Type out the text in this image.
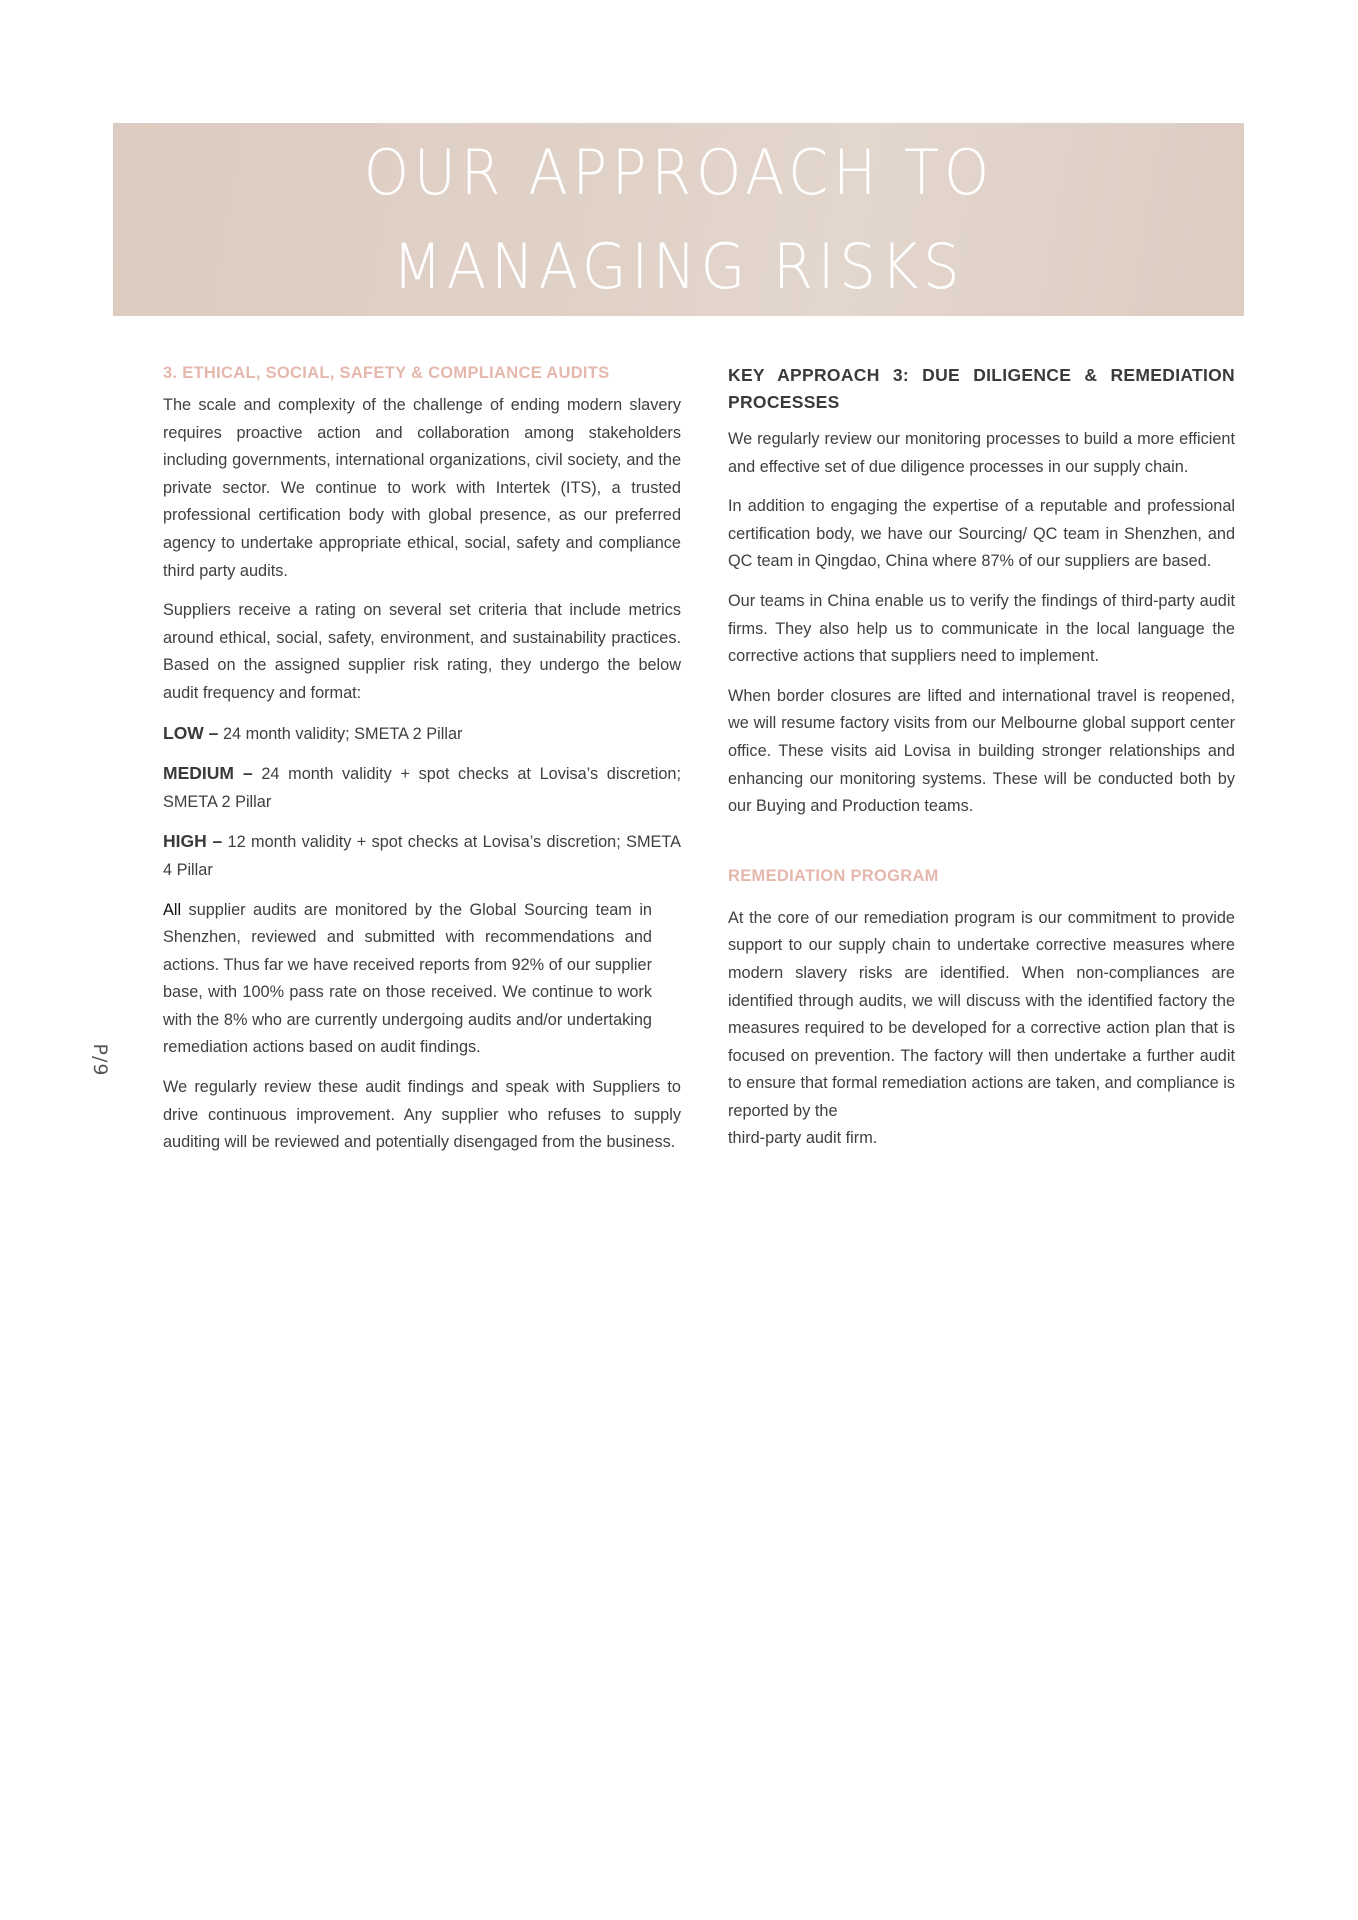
OUR APPROACH TO
MANAGING RISKS
P/9
3. ETHICAL, SOCIAL, SAFETY & COMPLIANCE AUDITS

The scale and complexity of the challenge of ending modern slavery requires proactive action and collaboration among stakeholders including governments, international organizations, civil society, and the private sector. We continue to work with Intertek (ITS), a trusted professional certification body with global presence, as our preferred agency to undertake appropriate ethical, social, safety and compliance third party audits.

Suppliers receive a rating on several set criteria that include metrics around ethical, social, safety, environment, and sustainability practices. Based on the assigned supplier risk rating, they undergo the below audit frequency and format:

LOW – 24 month validity; SMETA 2 Pillar

MEDIUM – 24 month validity + spot checks at Lovisa’s discretion; SMETA 2 Pillar

HIGH – 12 month validity + spot checks at Lovisa’s discretion; SMETA 4 Pillar

All supplier audits are monitored by the Global Sourcing team in Shenzhen, reviewed and submitted with recommendations and actions. Thus far we have received reports from 92% of our supplier base, with 100% pass rate on those received. We continue to work with the 8% who are currently undergoing audits and/or undertaking remediation actions based on audit findings.

We regularly review these audit findings and speak with Suppliers to drive continuous improvement. Any supplier who refuses to supply auditing will be reviewed and potentially disengaged from the business.

KEY APPROACH 3: DUE DILIGENCE & REMEDIATION PROCESSES

We regularly review our monitoring processes to build a more efficient and effective set of due diligence processes in our supply chain.

In addition to engaging the expertise of a reputable and professional certification body, we have our Sourcing/ QC team in Shenzhen, and QC team in Qingdao, China where 87% of our suppliers are based.

Our teams in China enable us to verify the findings of third-party audit firms. They also help us to communicate in the local language the corrective actions that suppliers need to implement.

When border closures are lifted and international travel is reopened, we will resume factory visits from our Melbourne global support center office. These visits aid Lovisa in building stronger relationships and enhancing our monitoring systems. These will be conducted both by our Buying and Production teams.

REMEDIATION PROGRAM

At the core of our remediation program is our commitment to provide support to our supply chain to undertake corrective measures where modern slavery risks are identified. When non-compliances are identified through audits, we will discuss with the identified factory the measures required to be developed for a corrective action plan that is focused on prevention. The factory will then undertake a further audit to ensure that formal remediation actions are taken, and compliance is reported by the
third-party audit firm.
